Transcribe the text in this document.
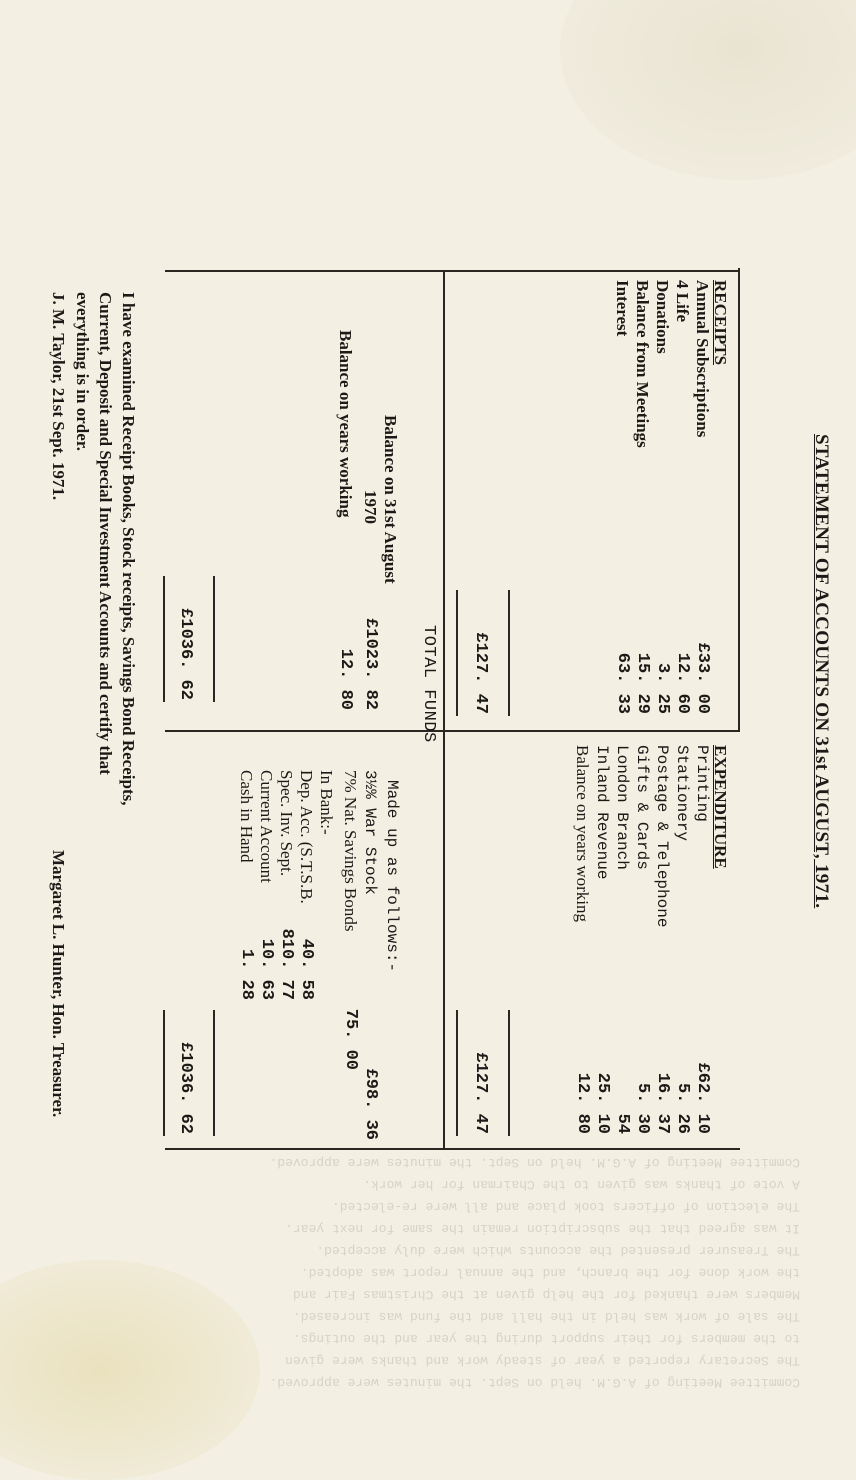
Committee Meeting of A.G.M. held on Sept. the minutes were approved.
The Secretary reported a year of steady work and thanks were given
to the members for their support during the year and the outings.
The sale of work was held in the hall and the fund was increased.
Members were thanked for the help given at the Christmas Fair and
the work done for the branch, and the annual report was adopted.
The Treasurer presented the accounts which were duly accepted.
It was agreed that the subscription remain the same for next year.
The election of officers took place and all were re-elected.
A vote of thanks was given to the Chairman for her work.
Committee Meeting of A.G.M. held on Sept. the minutes were approved.

STATEMENT OF ACCOUNTS ON 31st AUGUST, 1971.
RECEIPTS
Annual Subscriptions
4 Life
Donations
Balance from Meetings
Interest
£33. 00
12. 60
3. 25
15. 29
63. 33
£127. 47
EXPENDITURE
Printing
Stationery
Postage & Telephone
Gifts & Cards
London Branch
Inland Revenue
Balance on years working
£62. 10
5. 26
16. 37
5. 30
54
25. 10
12. 80
£127. 47
TOTAL FUNDS
Balance on 31st August
1970
£1023. 82
Balance on years working
12. 80
£1036. 62
Made up as follows:-
3½% War Stock
£98. 36
7% Nat. Savings Bonds
75. 00
In Bank:-
Dep. Acc. (S.T.S.B.
40. 58
Spec. Inv. Sept.
810. 77
Current Account
10. 63
Cash in Hand
1. 28
£1036. 62
I have examined Receipt Books, Stock receipts, Savings Bond Receipts,
Current, Deposit and Special Investment Accounts and certify that
everything is in order.
J. M. Taylor, 21st Sept. 1971.
Margaret L. Hunter, Hon. Treasurer.
